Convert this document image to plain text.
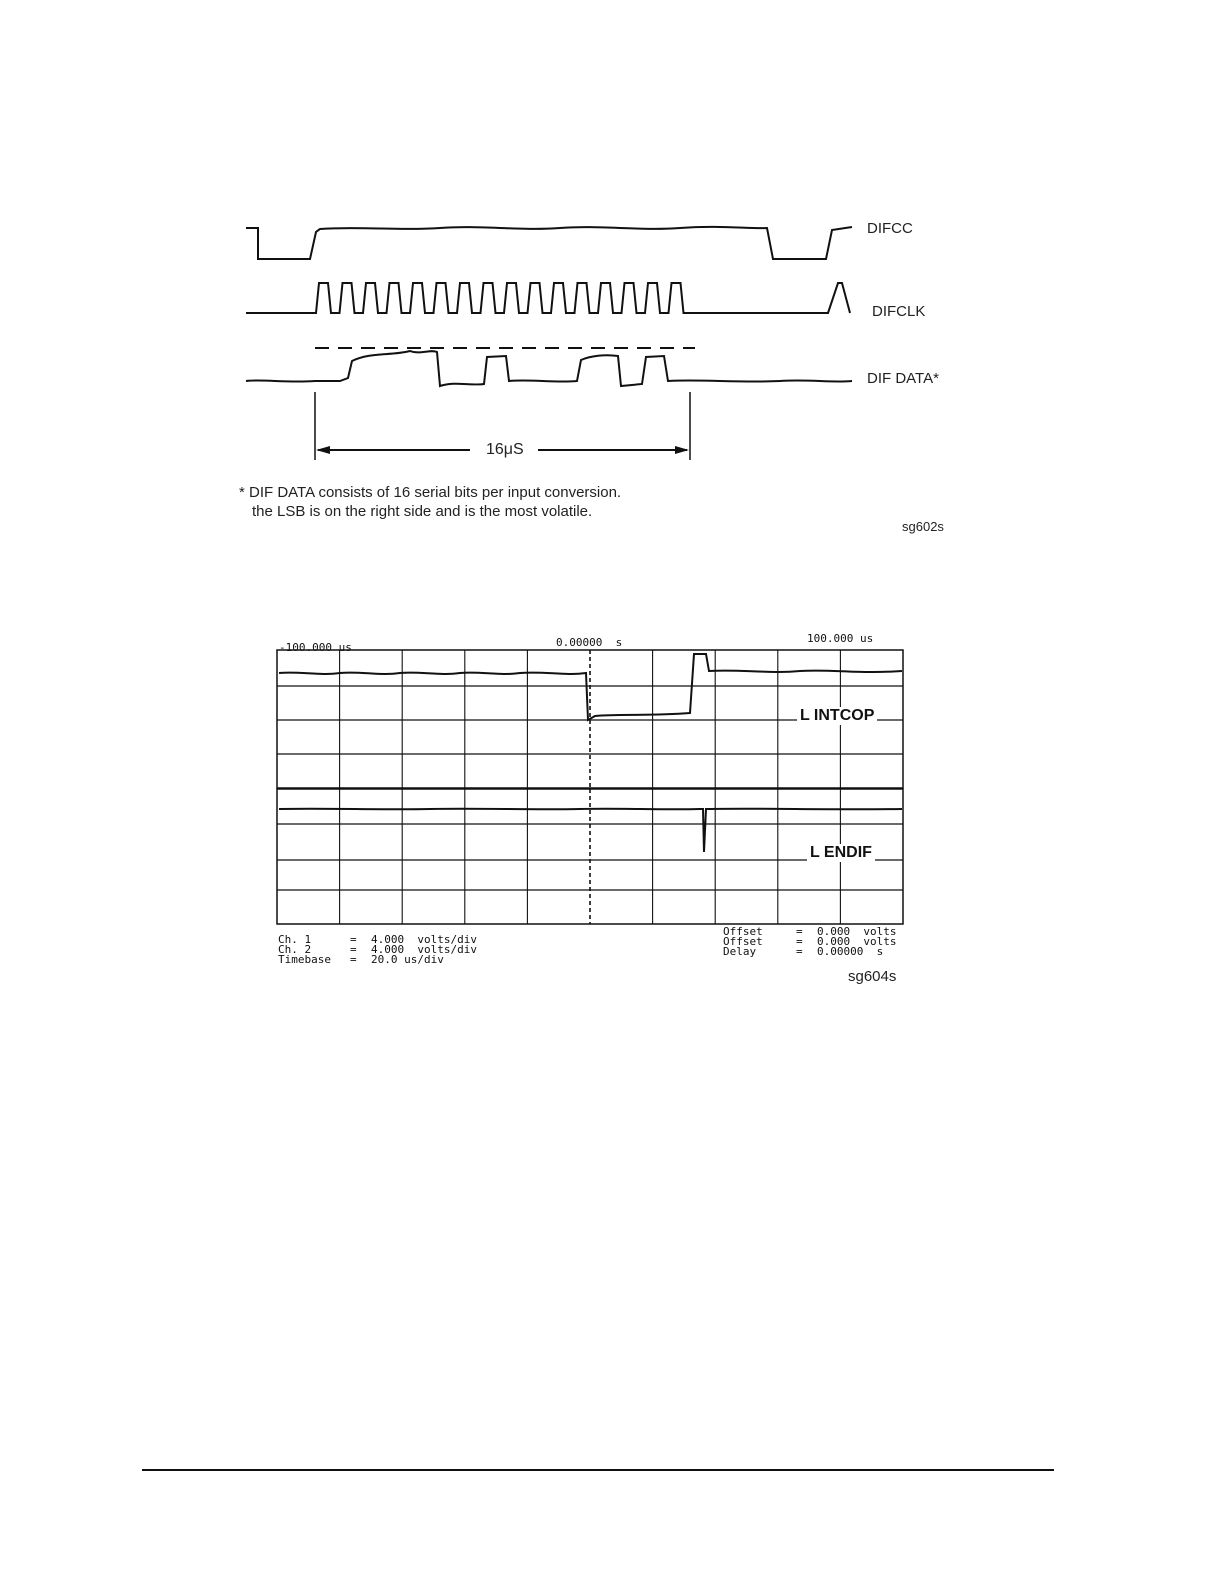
DIFCC
DIFCLK
DIF DATA*
16μS
* DIF DATA consists of 16 serial bits per input conversion.
the LSB is on the right side and is the most volatile.
sg602s
-100.000 us	0.00000  s	100.000 us
L INTCOP
L ENDIF
Ch. 1	= 4.000  volts/div
Ch. 2	= 4.000  volts/div
Timebase = 20.0 us/div
Offset	= 0.000  volts
Offset	= 0.000  volts
Delay	= 0.00000  s
sg604s
